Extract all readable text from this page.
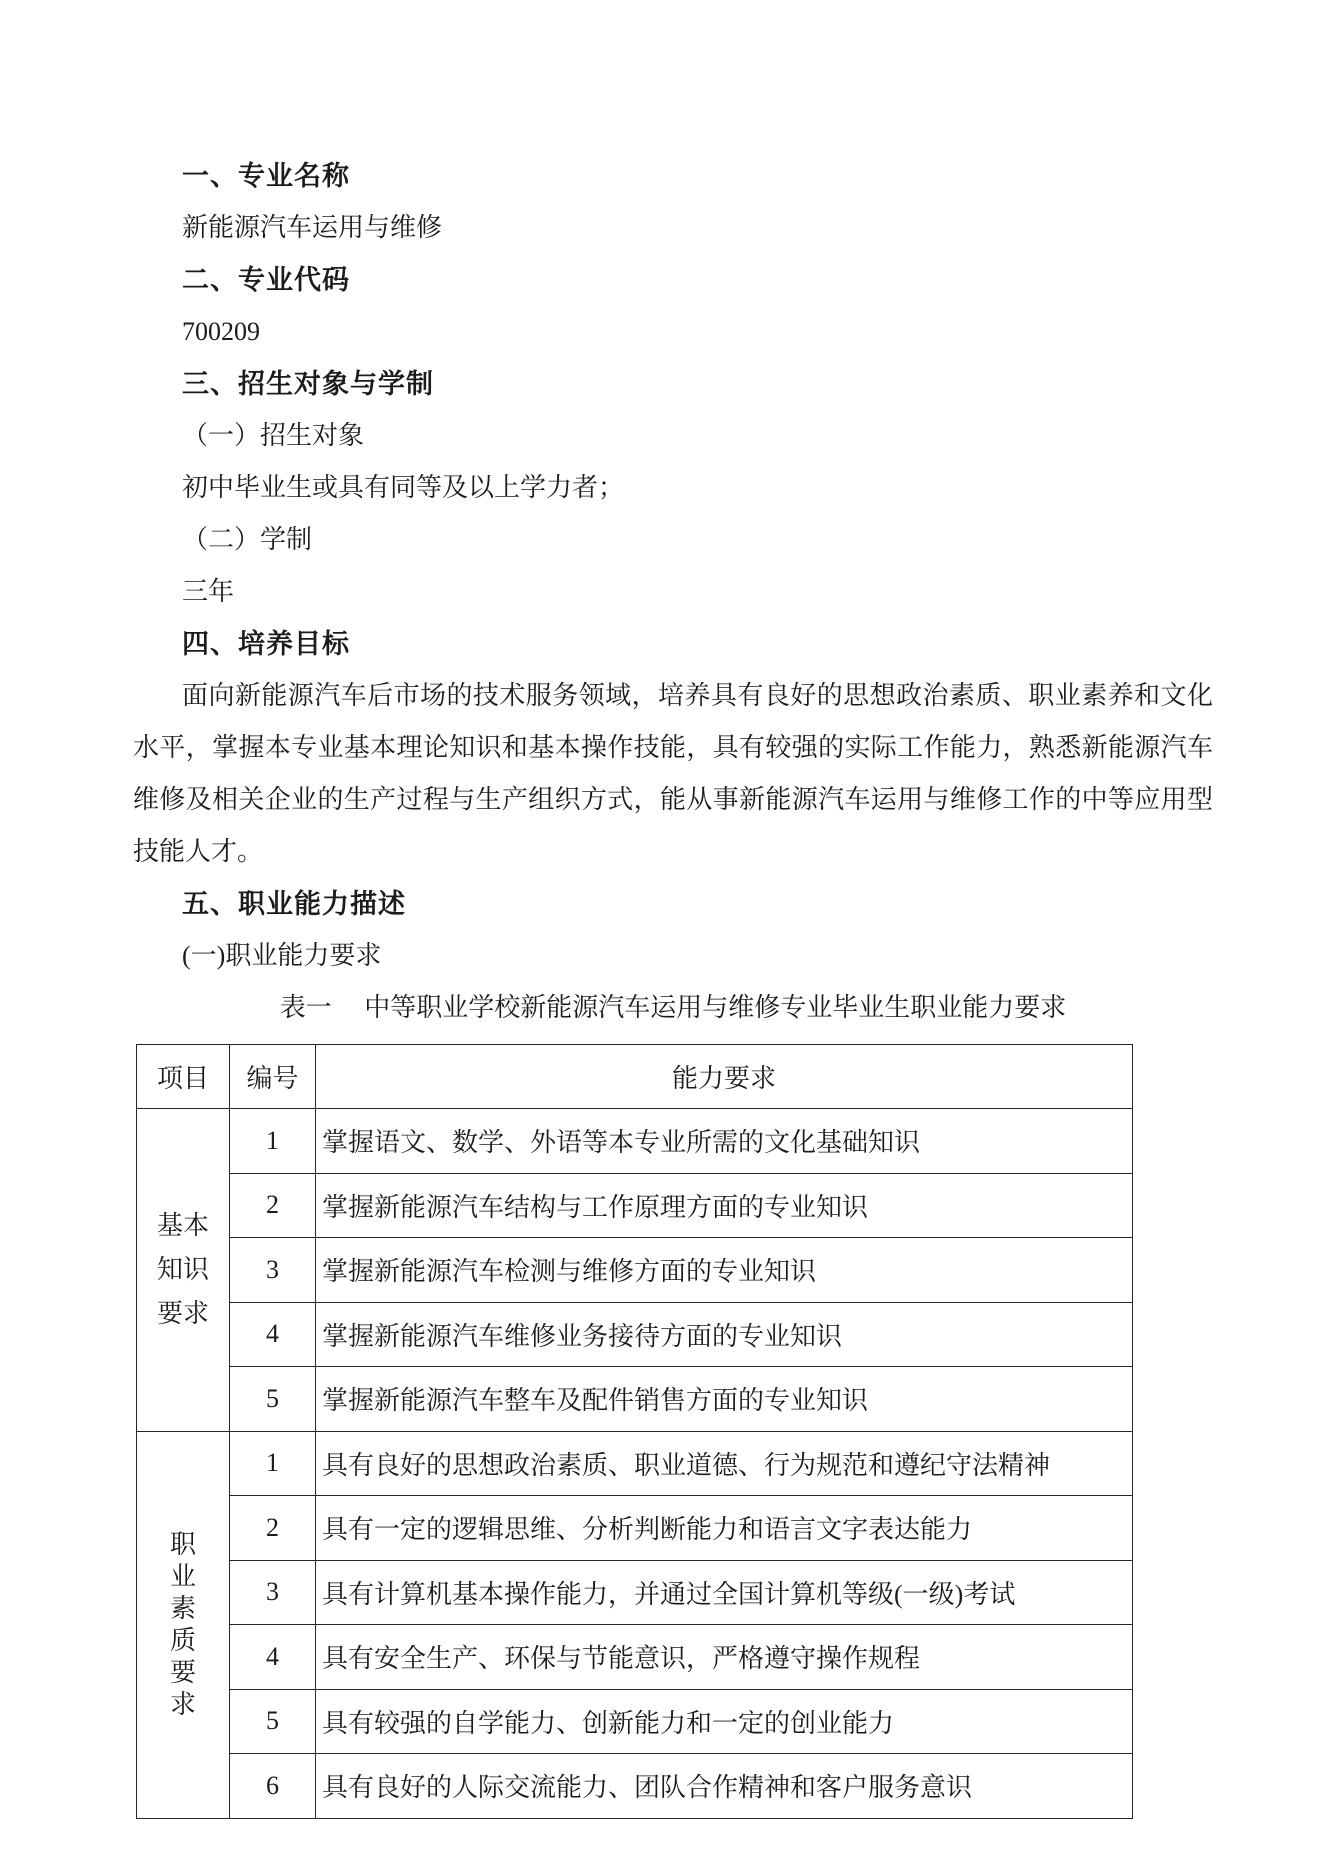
一、专业名称
新能源汽车运用与维修
二、专业代码
700209
三、招生对象与学制
（一）招生对象
初中毕业生或具有同等及以上学力者；
（二）学制
三年
四、培养目标
面向新能源汽车后市场的技术服务领域，培养具有良好的思想政治素质、职业素养和文化水平，掌握本专业基本理论知识和基本操作技能，具有较强的实际工作能力，熟悉新能源汽车维修及相关企业的生产过程与生产组织方式，能从事新能源汽车运用与维修工作的中等应用型技能人才。
五、职业能力描述
(一)职业能力要求
表一　 中等职业学校新能源汽车运用与维修专业毕业生职业能力要求
项目	编号	能力要求

基本
知识
要求	1	掌握语文、数学、外语等本专业所需的文化基础知识
	2	掌握新能源汽车结构与工作原理方面的专业知识
	3	掌握新能源汽车检测与维修方面的专业知识
	4	掌握新能源汽车维修业务接待方面的专业知识
	5	掌握新能源汽车整车及配件销售方面的专业知识

职
业
素
质
要
求
	1	具有良好的思想政治素质、职业道德、行为规范和遵纪守法精神
	2	具有一定的逻辑思维、分析判断能力和语言文字表达能力
	3	具有计算机基本操作能力，并通过全国计算机等级(一级)考试
	4	具有安全生产、环保与节能意识，严格遵守操作规程
	5	具有较强的自学能力、创新能力和一定的创业能力
	6	具有良好的人际交流能力、团队合作精神和客户服务意识
